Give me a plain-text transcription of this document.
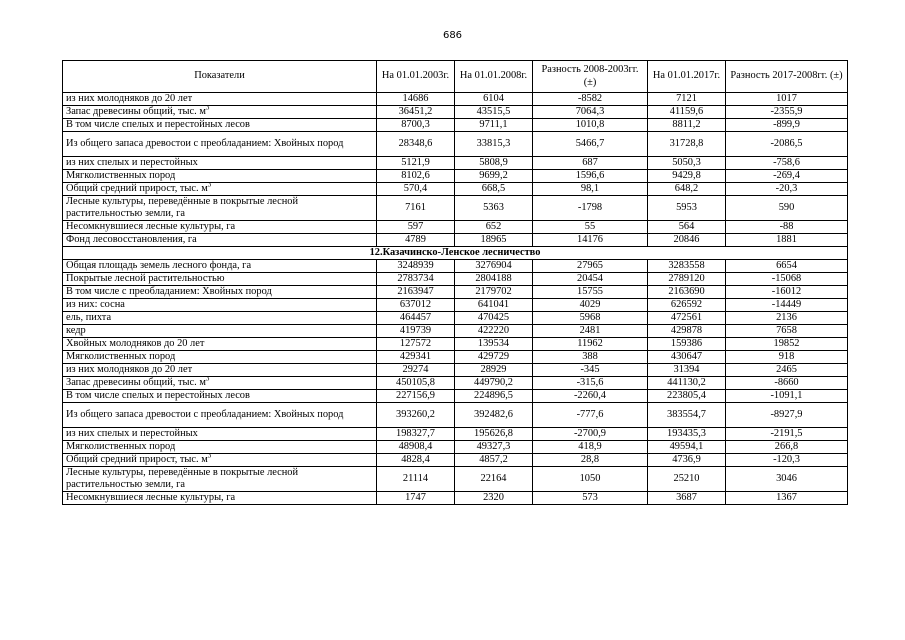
686
Показатели	На 01.01.2003г.	На 01.01.2008г.	Разность 2008-2003гг. (±)	На 01.01.2017г.	Разность 2017-2008гг. (±)
из них молодняков до 20 лет	14686	6104	-8582	7121	1017
Запас древесины общий, тыс. $м^3$	36451,2	43515,5	7064,3	41159,6	-2355,9
В том числе спелых и перестойных лесов	8700,3	9711,1	1010,8	8811,2	-899,9
Из общего запаса древостои с преобладанием: Хвойных пород	28348,6	33815,3	5466,7	31728,8	-2086,5
из них спелых и перестойных	5121,9	5808,9	687	5050,3	-758,6
Мягколиственных пород	8102,6	9699,2	1596,6	9429,8	-269,4
Общий средний прирост, тыс. $м^3$	570,4	668,5	98,1	648,2	-20,3
Лесные культуры, переведённые в покрытые лесной растительностью земли, га	7161	5363	-1798	5953	590
Несомкнувшиеся лесные культуры, га	597	652	55	564	-88
Фонд лесовосстановления, га	4789	18965	14176	20846	1881
12.Казачинско-Ленское лесничество					
Общая площадь земель лесного фонда, га	3248939	3276904	27965	3283558	6654
Покрытые лесной растительностью	2783734	2804188	20454	2789120	-15068
В том числе с преобладанием: Хвойных пород	2163947	2179702	15755	2163690	-16012
из них: сосна	637012	641041	4029	626592	-14449
ель, пихта	464457	470425	5968	472561	2136
кедр	419739	422220	2481	429878	7658
Хвойных молодняков до 20 лет	127572	139534	11962	159386	19852
Мягколиственных пород	429341	429729	388	430647	918
из них молодняков до 20 лет	29274	28929	-345	31394	2465
Запас древесины общий, тыс. $м^3$	450105,8	449790,2	-315,6	441130,2	-8660
В том числе спелых и перестойных лесов	227156,9	224896,5	-2260,4	223805,4	-1091,1
Из общего запаса древостои с преобладанием: Хвойных пород	393260,2	392482,6	-777,6	383554,7	-8927,9
из них спелых и перестойных	198327,7	195626,8	-2700,9	193435,3	-2191,5
Мягколиственных пород	48908,4	49327,3	418,9	49594,1	266,8
Общий средний прирост, тыс. $м^3$	4828,4	4857,2	28,8	4736,9	-120,3
Лесные культуры, переведённые в покрытые лесной растительностью земли, га	21114	22164	1050	25210	3046
Несомкнувшиеся лесные культуры, га	1747	2320	573	3687	1367
